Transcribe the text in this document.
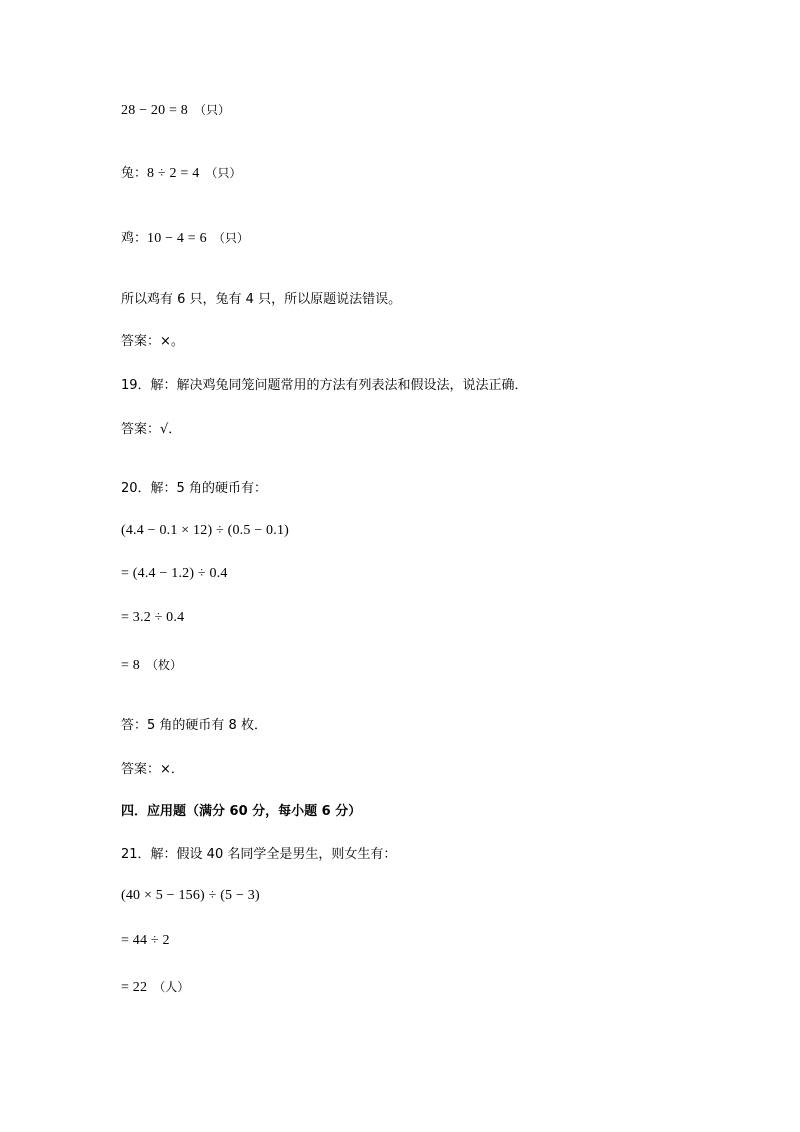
28 − 20 = 8 （只）
兔：8 ÷ 2 = 4 （只）
鸡：10 − 4 = 6 （只）
所以鸡有 6 只，兔有 4 只，所以原题说法错误。
答案：×。
19．解：解决鸡兔同笼问题常用的方法有列表法和假设法，说法正确．
答案：√．
20．解：5 角的硬币有：
(4.4 − 0.1 × 12) ÷ (0.5 − 0.1)
= (4.4 − 1.2) ÷ 0.4
= 3.2 ÷ 0.4
= 8 （枚）
答：5 角的硬币有 8 枚．
答案：×．
四．应用题（满分 60 分，每小题 6 分）
21．解：假设 40 名同学全是男生，则女生有：
(40 × 5 − 156) ÷ (5 − 3)
= 44 ÷ 2
= 22 （人）
